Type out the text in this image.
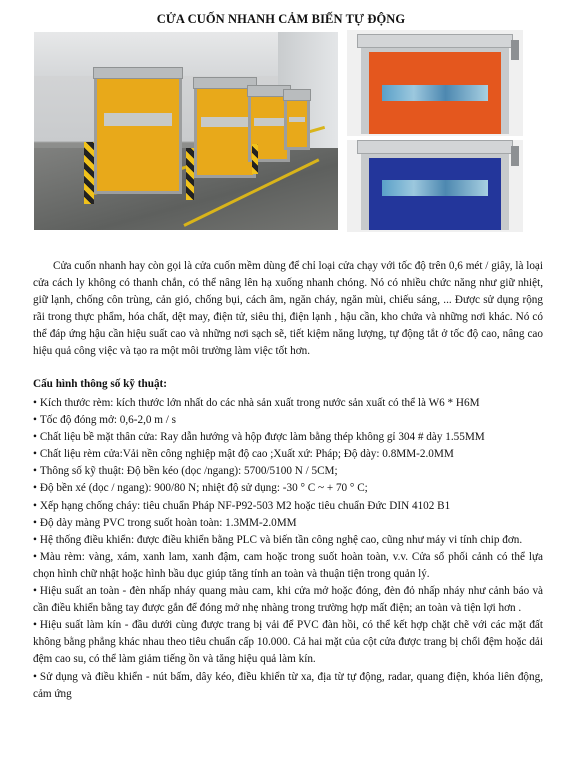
CỬA CUỐN NHANH CẢM BIẾN TỰ ĐỘNG

Cửa cuốn nhanh hay còn gọi là cửa cuốn mềm dùng để chỉ loại cửa chạy với tốc độ trên 0,6 mét / giây, là loại cửa cách ly không có thanh chắn, có thể nâng lên hạ xuống nhanh chóng. Nó có nhiều chức năng như giữ nhiệt, giữ lạnh, chống côn trùng, cản gió, chống bụi, cách âm, ngăn cháy, ngăn mùi, chiếu sáng, ... Được sử dụng rộng rãi trong thực phẩm, hóa chất, dệt may, điện tử, siêu thị, điện lạnh , hậu cần, kho chứa và những nơi khác. Nó có thể đáp ứng hậu cần hiệu suất cao và những nơi sạch sẽ, tiết kiệm năng lượng, tự động tắt ở tốc độ cao, nâng cao hiệu quả công việc và tạo ra một môi trường làm việc tốt hơn.

Cấu hình thông số kỹ thuật:
• Kích thước rèm: kích thước lớn nhất do các nhà sản xuất trong nước sản xuất có thể là W6 * H6M
• Tốc độ đóng mở: 0,6-2,0 m / s
• Chất liệu bề mặt thân cửa: Ray dẫn hướng và hộp được làm bằng thép không gỉ 304 # dày 1.55MM
• Chất liệu rèm cửa:Vải nền công nghiệp mật độ cao ;Xuất xứ: Pháp; Độ dày: 0.8MM-2.0MM
• Thông số kỹ thuật: Độ bền kéo (dọc /ngang): 5700/5100 N / 5CM;
• Độ bền xé (dọc / ngang): 900/80 N; nhiệt độ sử dụng: -30 ° C ~ + 70 ° C;
• Xếp hạng chống cháy: tiêu chuẩn Pháp NF-P92-503 M2 hoặc tiêu chuẩn Đức DIN 4102 B1
• Độ dày màng PVC trong suốt hoàn toàn: 1.3MM-2.0MM
• Hệ thống điều khiển: được điều khiển bằng PLC và biến tần công nghệ cao, cũng như máy vi tính chip đơn.
• Màu rèm: vàng, xám, xanh lam, xanh đậm, cam hoặc trong suốt hoàn toàn, v.v. Cửa sổ phối cảnh có thể lựa chọn hình chữ nhật hoặc hình bầu dục giúp tăng tính an toàn và thuận tiện trong quản lý.
• Hiệu suất an toàn - đèn nhấp nháy quang màu cam, khi cửa mở hoặc đóng, đèn đỏ nhấp nháy như cảnh báo và cần điều khiển bằng tay được gắn để đóng mở nhẹ nhàng trong trường hợp mất điện; an toàn và tiện lợi hơn .
• Hiệu suất làm kín - đầu dưới cùng được trang bị vải để PVC đàn hồi, có thể kết hợp chặt chẽ với các mặt đất không bằng phẳng khác nhau theo tiêu chuẩn cấp 10.000. Cả hai mặt của cột cửa được trang bị chổi đệm hoặc dải đệm cao su, có thể làm giảm tiếng ồn và tăng hiệu quả làm kín.
• Sử dụng và điều khiển - nút bấm, dây kéo, điều khiển từ xa, địa từ tự động, radar, quang điện, khóa liên động, cảm ứng
